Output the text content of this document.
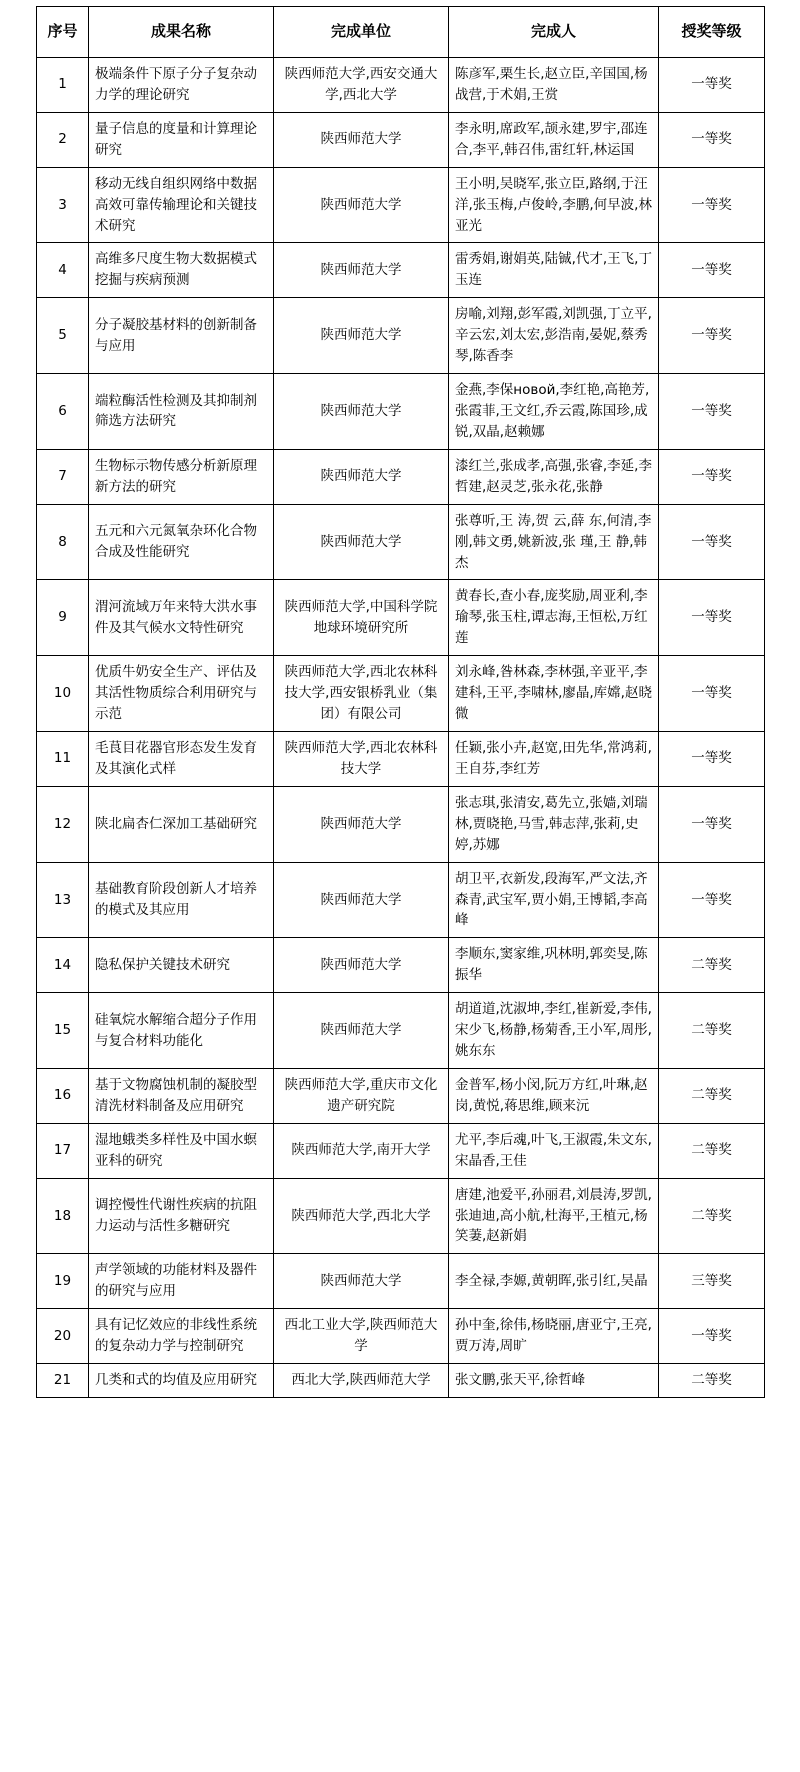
序号	成果名称	完成单位	完成人	授奖等级
1	极端条件下原子分子复杂动力学的理论研究	陕西师范大学,西安交通大学,西北大学	陈彦军,栗生长,赵立臣,辛国国,杨战营,于术娟,王赏	一等奖
2	量子信息的度量和计算理论研究	陕西师范大学	李永明,席政军,颉永建,罗宇,邵连合,李平,韩召伟,雷红轩,林运国	一等奖
3	移动无线自组织网络中数据高效可靠传输理论和关键技术研究	陕西师范大学	王小明,吴晓军,张立臣,路纲,于汪洋,张玉梅,卢俊岭,李鹏,何早波,林亚光	一等奖
4	高维多尺度生物大数据模式挖掘与疾病预测	陕西师范大学	雷秀娟,谢娟英,陆铖,代才,王飞,丁玉连	一等奖
5	分子凝胶基材料的创新制备与应用	陕西师范大学	房喻,刘翔,彭军霞,刘凯强,丁立平,辛云宏,刘太宏,彭浩南,晏妮,蔡秀琴,陈香李	一等奖
6	端粒酶活性检测及其抑制剂筛选方法研究	陕西师范大学	金燕,李保новой,李红艳,高艳芳,张霞菲,王文红,乔云霞,陈国珍,成锐,双晶,赵赖娜	一等奖
7	生物标示物传感分析新原理新方法的研究	陕西师范大学	漆红兰,张成孝,高强,张睿,李延,李哲建,赵灵芝,张永花,张静	一等奖
8	五元和六元氮氧杂环化合物合成及性能研究	陕西师范大学	张尊听,王 涛,贺 云,薛 东,何清,李 刚,韩文勇,姚新波,张 瑾,王 静,韩 杰	一等奖
9	渭河流域万年来特大洪水事件及其气候水文特性研究	陕西师范大学,中国科学院地球环境研究所	黄春长,查小春,庞奖励,周亚利,李瑜琴,张玉柱,谭志海,王恒松,万红莲	一等奖
10	优质牛奶安全生产、评估及其活性物质综合利用研究与示范	陕西师范大学,西北农林科技大学,西安银桥乳业（集团）有限公司	刘永峰,昝林森,李林强,辛亚平,李建科,王平,李啸林,廖晶,库嫦,赵晓微	一等奖
11	毛茛目花器官形态发生发育及其演化式样	陕西师范大学,西北农林科技大学	任颖,张小卉,赵宽,田先华,常鸿莉,王自芬,李红芳	一等奖
12	陕北扁杏仁深加工基础研究	陕西师范大学	张志琪,张清安,葛先立,张嫱,刘瑞林,贾晓艳,马雪,韩志萍,张莉,史婷,苏娜	一等奖
13	基础教育阶段创新人才培养的模式及其应用	陕西师范大学	胡卫平,衣新发,段海军,严文法,齐森青,武宝军,贾小娟,王博韬,李高峰	一等奖
14	隐私保护关键技术研究	陕西师范大学	李顺东,窦家维,巩林明,郭奕旻,陈振华	二等奖
15	硅氧烷水解缩合超分子作用与复合材料功能化	陕西师范大学	胡道道,沈淑坤,李红,崔新爱,李伟,宋少飞,杨静,杨菊香,王小军,周彤,姚东东	二等奖
16	基于文物腐蚀机制的凝胶型清洗材料制备及应用研究	陕西师范大学,重庆市文化遗产研究院	金普军,杨小闵,阮万方红,叶琳,赵岗,黄悦,蒋思维,顾来沅	二等奖
17	湿地蛾类多样性及中国水螟亚科的研究	陕西师范大学,南开大学	尤平,李后魂,叶飞,王淑霞,朱文东,宋晶香,王佳	二等奖
18	调控慢性代谢性疾病的抗阻力运动与活性多糖研究	陕西师范大学,西北大学	唐建,池爱平,孙丽君,刘晨涛,罗凯,张迪迪,高小航,杜海平,王植元,杨笑萋,赵新娟	二等奖
19	声学领域的功能材料及器件的研究与应用	陕西师范大学	李全禄,李嫄,黄朝晖,张引红,吴晶	三等奖
20	具有记忆效应的非线性系统的复杂动力学与控制研究	西北工业大学,陕西师范大学	孙中奎,徐伟,杨晓丽,唐亚宁,王亮,贾万涛,周旷	一等奖
21	几类和式的均值及应用研究	西北大学,陕西师范大学	张文鹏,张天平,徐哲峰	二等奖
